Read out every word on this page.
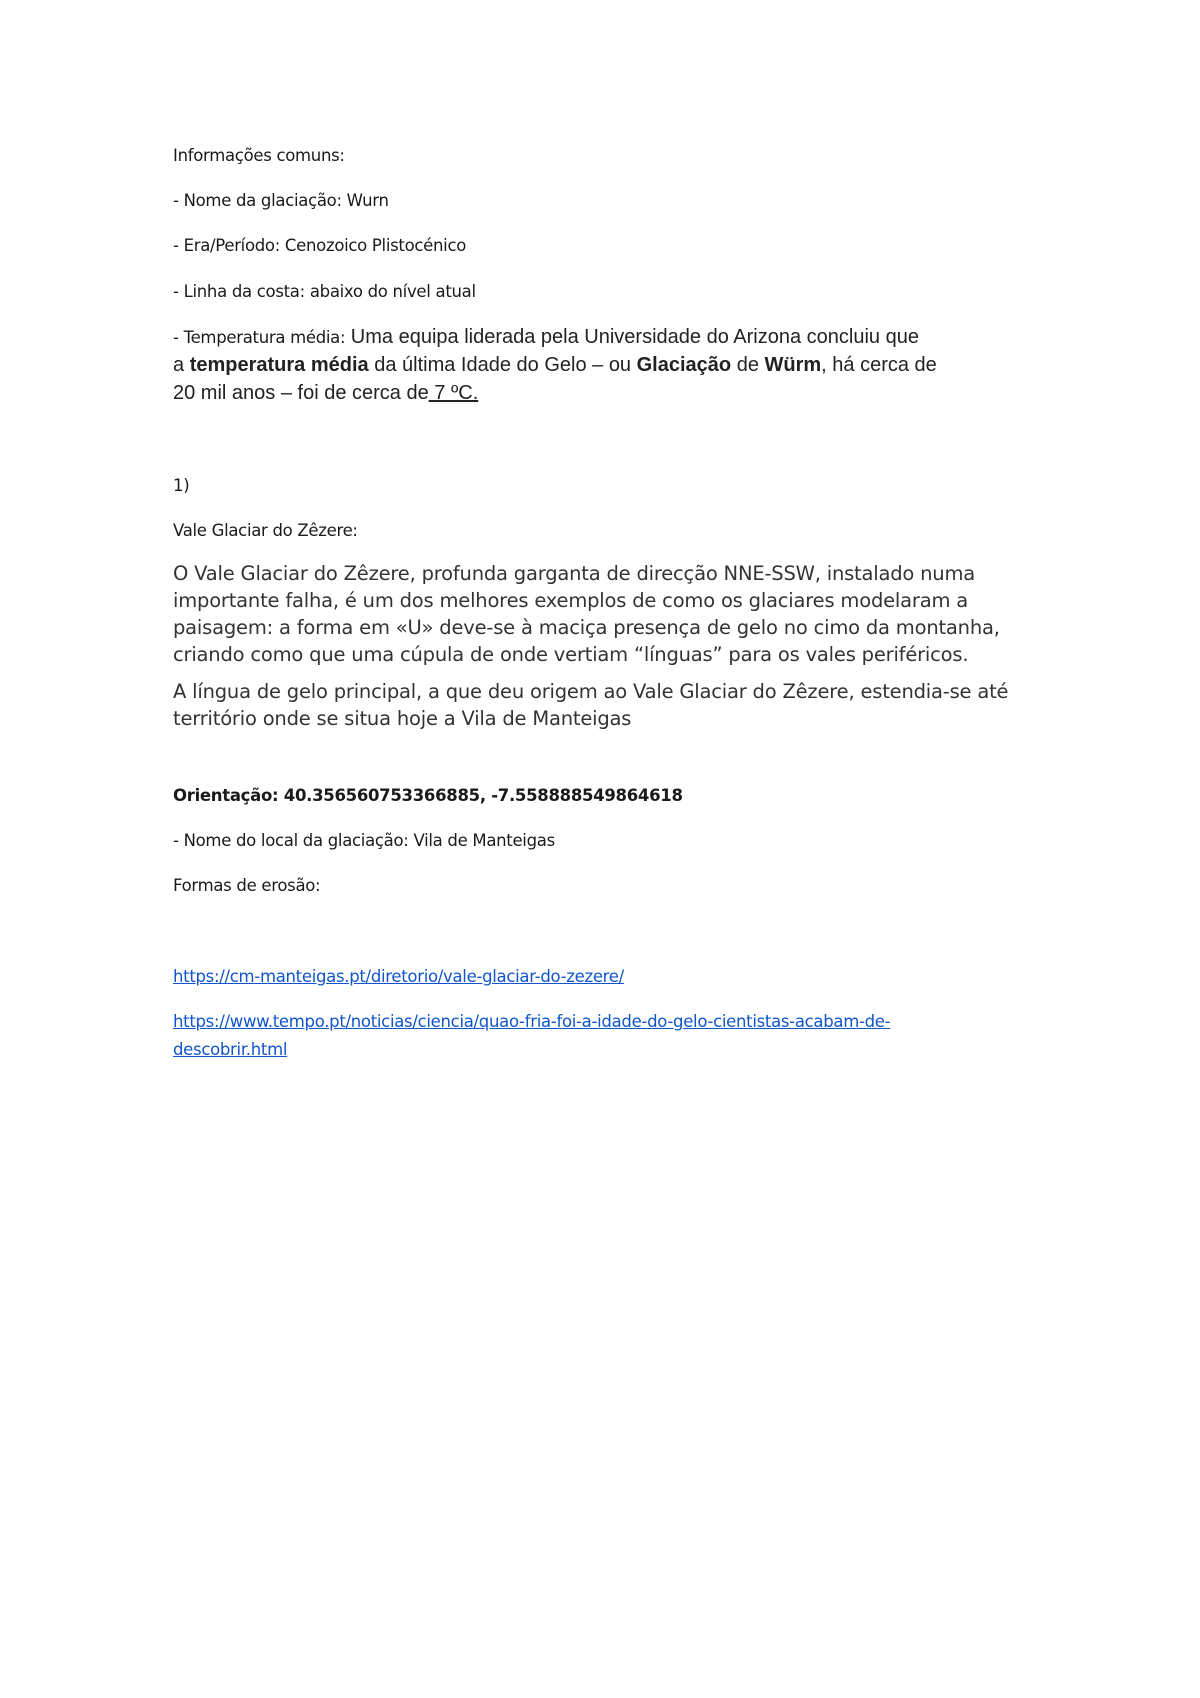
Informações comuns:
- Nome da glaciação: Wurn
- Era/Período: Cenozoico Plistocénico
- Linha da costa: abaixo do nível atual
- Temperatura média: Uma equipa liderada pela Universidade do Arizona concluiu que
a temperatura média da última Idade do Gelo – ou Glaciação de Würm, há cerca de
20 mil anos – foi de cerca de 7 ºC.
1)
Vale Glaciar do Zêzere:

O Vale Glaciar do Zêzere, profunda garganta de direcção NNE-SSW, instalado numa importante falha, é um dos melhores exemplos de como os glaciares modelaram a paisagem: a forma em «U» deve-se à maciça presença de gelo no cimo da montanha, criando como que uma cúpula de onde vertiam “línguas” para os vales periféricos.

A língua de gelo principal, a que deu origem ao Vale Glaciar do Zêzere, estendia-se até território onde se situa hoje a Vila de Manteigas

Orientação: 40.356560753366885, -7.558888549864618
- Nome do local da glaciação: Vila de Manteigas
Formas de erosão:
https://cm-manteigas.pt/diretorio/vale-glaciar-do-zezere/
https://www.tempo.pt/noticias/ciencia/quao-fria-foi-a-idade-do-gelo-cientistas-acabam-de-
descobrir.html
